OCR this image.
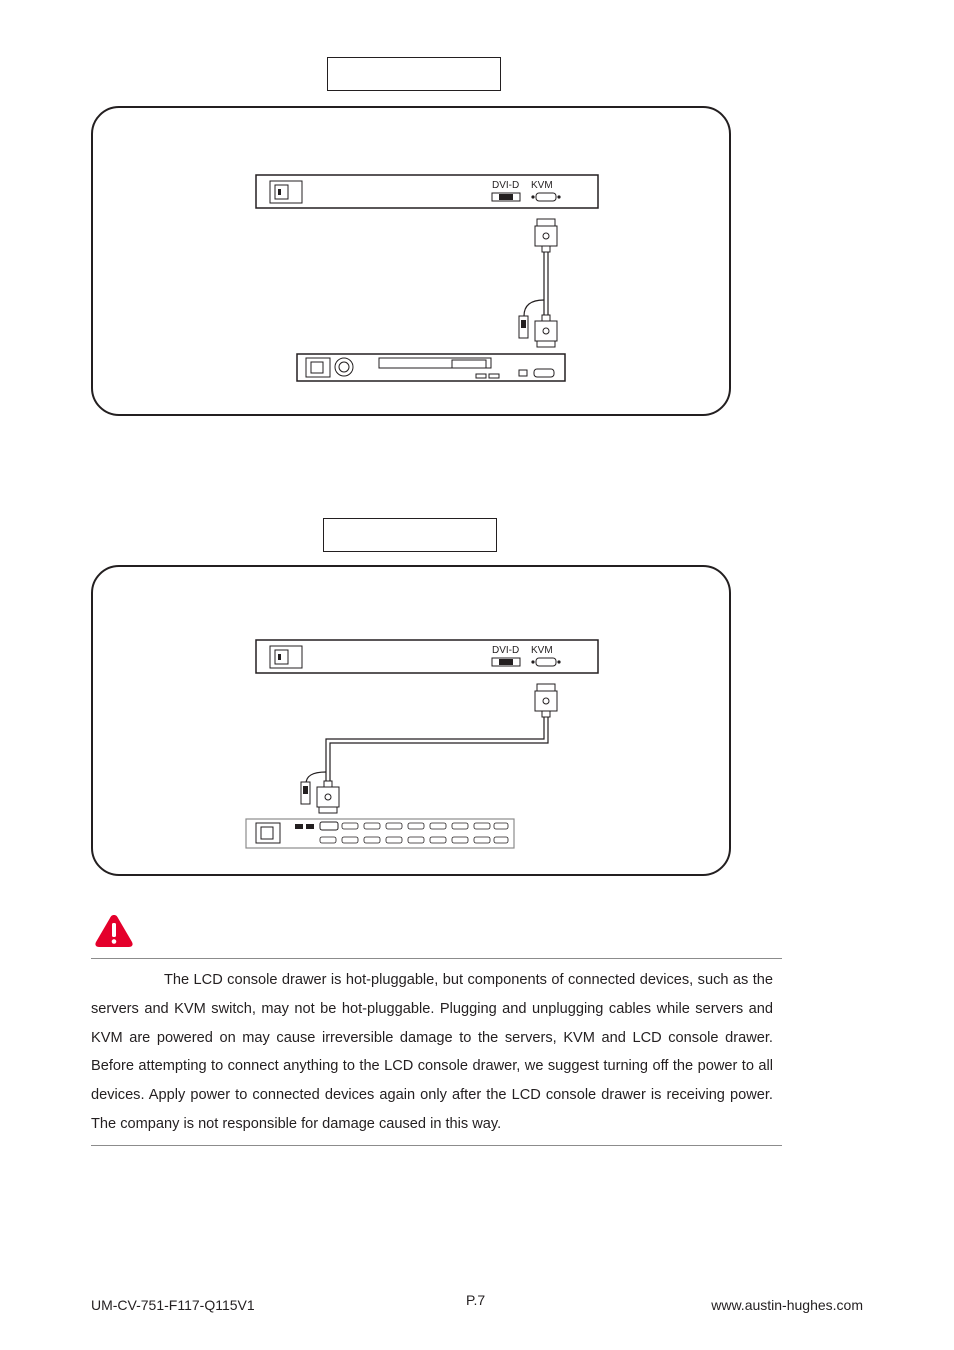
DVI-D KVM
DVI-D KVM

The LCD console drawer is hot-pluggable, but components of connected devices, such as the servers and KVM switch, may not be hot-pluggable. Plugging and unplugging cables while servers and KVM are powered on may cause irreversible damage to the servers, KVM and LCD console drawer. Before attempting to connect anything to the LCD console drawer, we suggest turning off the power to all devices. Apply power to connected devices again only after the LCD console drawer is receiving power. The company is not responsible for damage caused in this way.

UM-CV-751-F117-Q115V1	P.7	www.austin-hughes.com
